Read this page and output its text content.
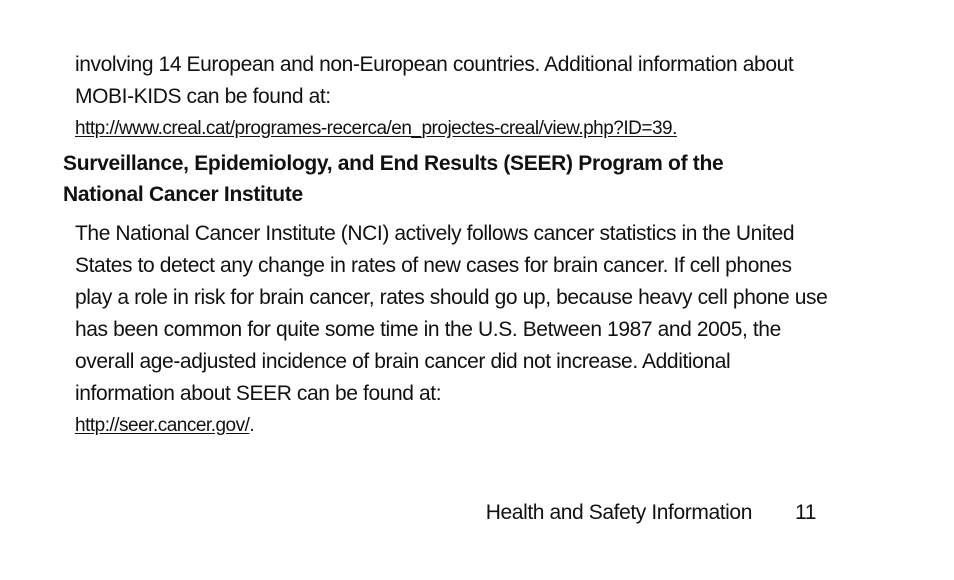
involving 14 European and non-European countries. Additional information about
MOBI-KIDS can be found at:

http://www.creal.cat/programes-recerca/en_projectes-creal/view.php?ID=39.
Surveillance, Epidemiology, and End Results (SEER) Program of the
National Cancer Institute
The National Cancer Institute (NCI) actively follows cancer statistics in the United
States to detect any change in rates of new cases for brain cancer. If cell phones
play a role in risk for brain cancer, rates should go up, because heavy cell phone use
has been common for quite some time in the U.S. Between 1987 and 2005, the
overall age-adjusted incidence of brain cancer did not increase. Additional
information about SEER can be found at:

http://seer.cancer.gov/.
Health and Safety Information 11
